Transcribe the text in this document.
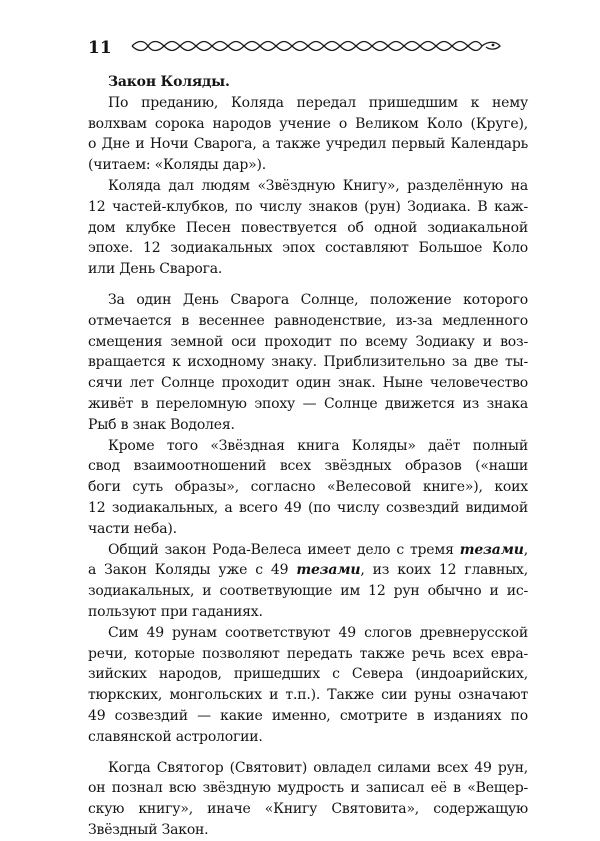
11
Закон Коляды.

По преданию, Коляда передал пришедшим к нему
волхвам сорока народов учение о Великом Коло (Круге),
о Дне и Ночи Сварога, а также учредил первый Календарь
(читаем: «Коляды дар»).

Коляда дал людям «Звёздную Книгу», разделённую на
12 частей-клубков, по числу знаков (рун) Зодиака. В каж-
дом клубке Песен повествуется об одной зодиакальной
эпохе. 12 зодиакальных эпох составляют Большое Коло
или День Сварога.

За один День Сварога Солнце, положение которого
отмечается в весеннее равноденствие, из-за медленного
смещения земной оси проходит по всему Зодиаку и воз-
вращается к исходному знаку. Приблизительно за две ты-
сячи лет Солнце проходит один знак. Ныне человечество
живёт в переломную эпоху — Солнце движется из знака
Рыб в знак Водолея.

Кроме того «Звёздная книга Коляды» даёт полный
свод взаимоотношений всех звёздных образов («наши
боги суть образы», согласно «Велесовой книге»), коих
12 зодиакальных, а всего 49 (по числу созвездий видимой
части неба).

Общий закон Рода-Велеса имеет дело с тремя тезами,
а Закон Коляды уже с 49 тезами, из коих 12 главных,
зодиакальных, и соответвующие им 12 рун обычно и ис-
пользуют при гаданиях.

Сим 49 рунам соответствуют 49 слогов древнерусской
речи, которые позволяют передать также речь всех евра-
зийских народов, пришедших с Севера (индоарийских,
тюркских, монгольских и т.п.). Также сии руны означают
49 созвездий — какие именно, смотрите в изданиях по
славянской астрологии.

Когда Святогор (Святовит) овладел силами всех 49 рун,
он познал всю звёздную мудрость и записал её в «Вещер-
скую книгу», иначе «Книгу Святовита», содержащую
Звёздный Закон.
